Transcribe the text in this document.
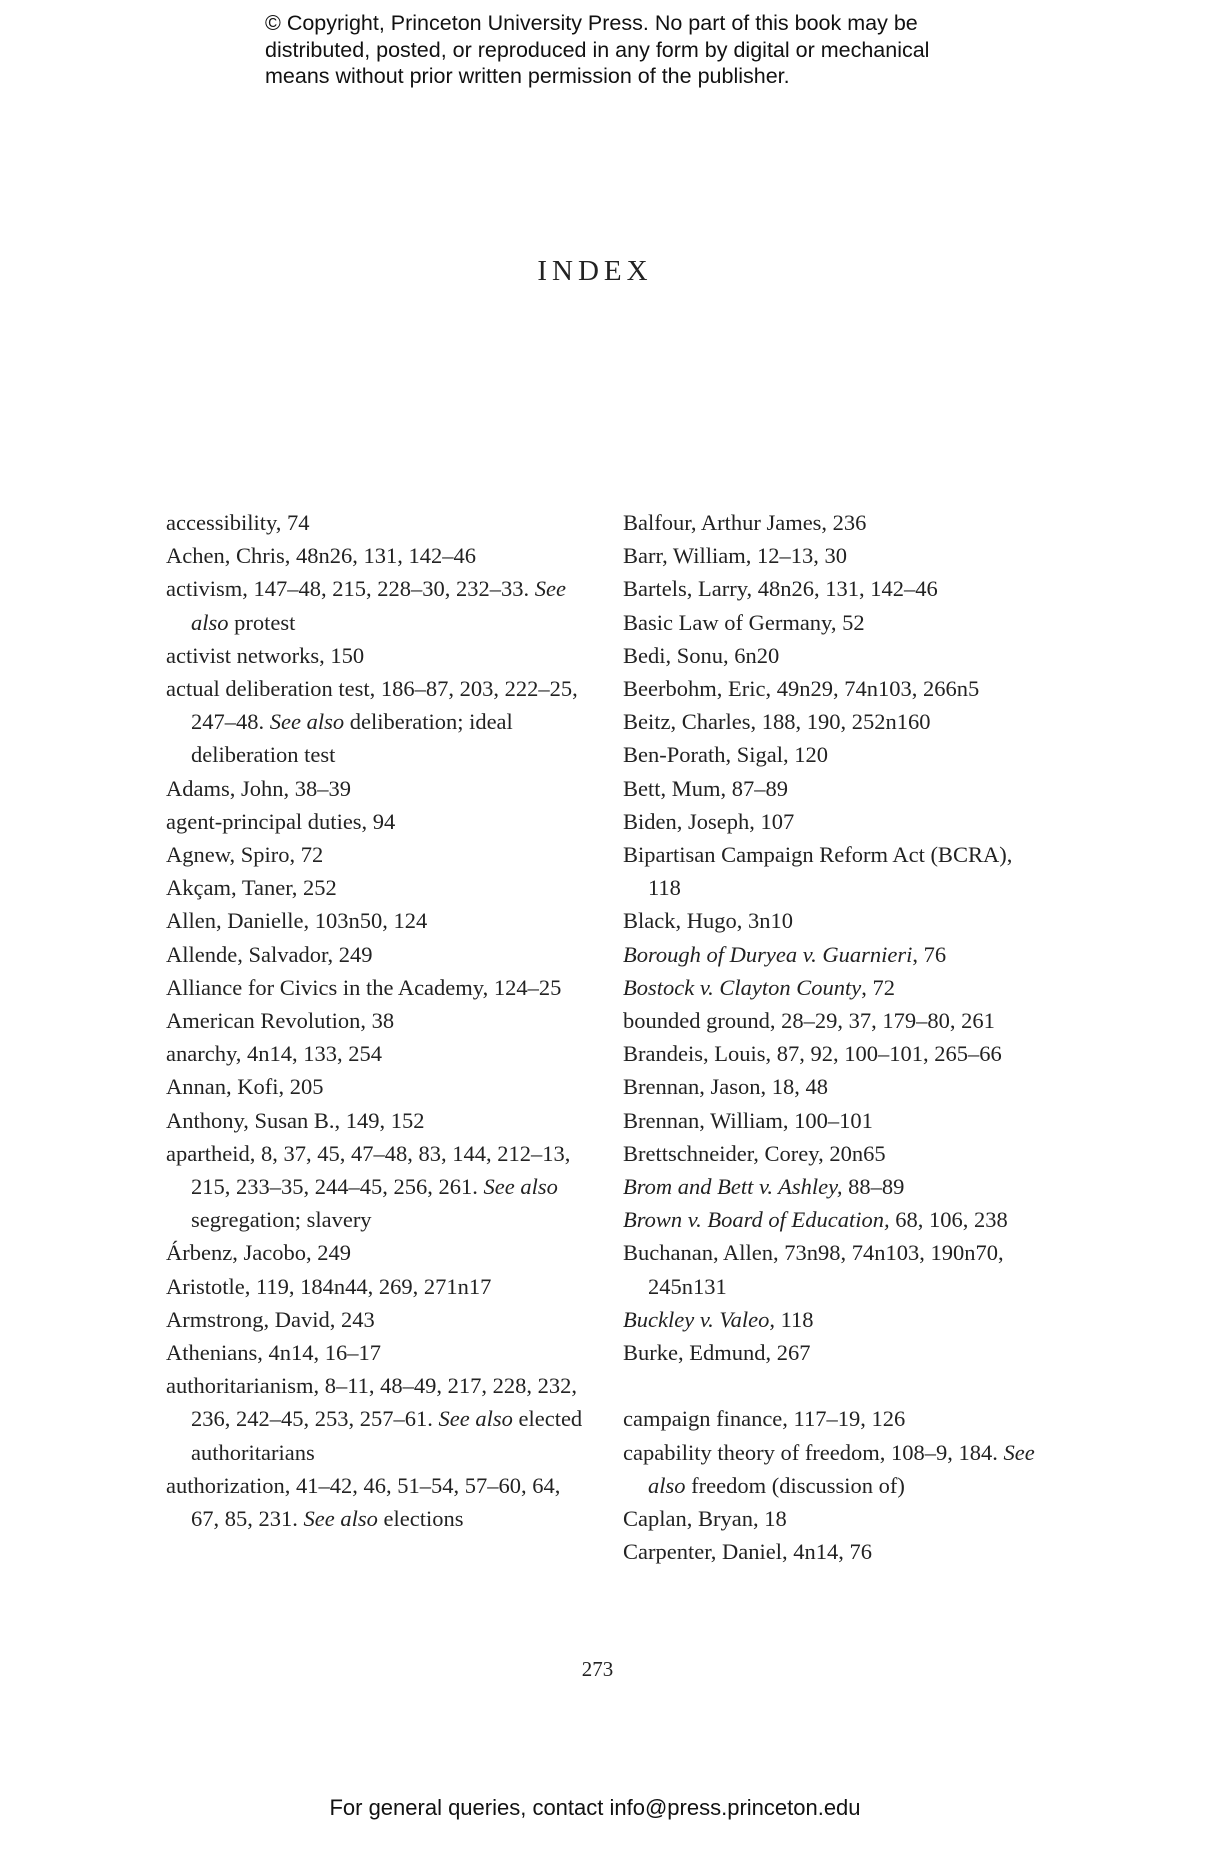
© Copyright, Princeton University Press. No part of this book may be
distributed, posted, or reproduced in any form by digital or mechanical
means without prior written permission of the publisher.
INDEX
accessibility, 74
Achen, Chris, 48n26, 131, 142–46
activism, 147–48, 215, 228–30, 232–33. See also protest
activist networks, 150
actual deliberation test, 186–87, 203, 222–25, 247–48. See also deliberation; ideal deliberation test
Adams, John, 38–39
agent-principal duties, 94
Agnew, Spiro, 72
Akçam, Taner, 252
Allen, Danielle, 103n50, 124
Allende, Salvador, 249
Alliance for Civics in the Academy, 124–25
American Revolution, 38
anarchy, 4n14, 133, 254
Annan, Kofi, 205
Anthony, Susan B., 149, 152
apartheid, 8, 37, 45, 47–48, 83, 144, 212–13, 215, 233–35, 244–45, 256, 261. See also segregation; slavery
Árbenz, Jacobo, 249
Aristotle, 119, 184n44, 269, 271n17
Armstrong, David, 243
Athenians, 4n14, 16–17
authoritarianism, 8–11, 48–49, 217, 228, 232, 236, 242–45, 253, 257–61. See also elected authoritarians
authorization, 41–42, 46, 51–54, 57–60, 64, 67, 85, 231. See also elections
Balfour, Arthur James, 236
Barr, William, 12–13, 30
Bartels, Larry, 48n26, 131, 142–46
Basic Law of Germany, 52
Bedi, Sonu, 6n20
Beerbohm, Eric, 49n29, 74n103, 266n5
Beitz, Charles, 188, 190, 252n160
Ben-Porath, Sigal, 120
Bett, Mum, 87–89
Biden, Joseph, 107
Bipartisan Campaign Reform Act (BCRA), 118
Black, Hugo, 3n10
Borough of Duryea v. Guarnieri, 76
Bostock v. Clayton County, 72
bounded ground, 28–29, 37, 179–80, 261
Brandeis, Louis, 87, 92, 100–101, 265–66
Brennan, Jason, 18, 48
Brennan, William, 100–101
Brettschneider, Corey, 20n65
Brom and Bett v. Ashley, 88–89
Brown v. Board of Education, 68, 106, 238
Buchanan, Allen, 73n98, 74n103, 190n70, 245n131
Buckley v. Valeo, 118
Burke, Edmund, 267
campaign finance, 117–19, 126
capability theory of freedom, 108–9, 184. See also freedom (discussion of)
Caplan, Bryan, 18
Carpenter, Daniel, 4n14, 76
273
For general queries, contact info@press.princeton.edu
